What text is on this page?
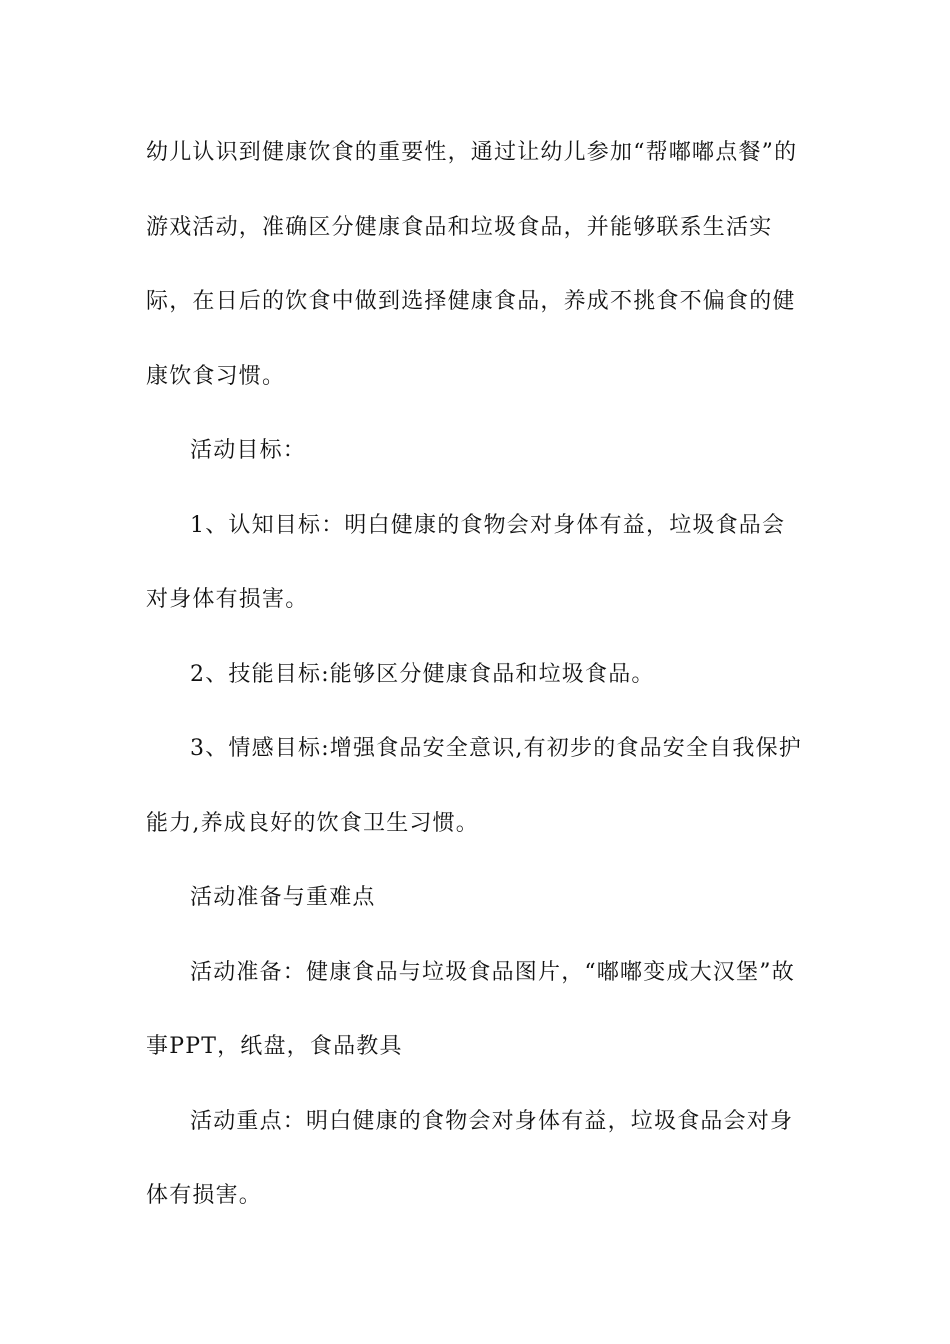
幼儿认识到健康饮食的重要性，通过让幼儿参加“帮嘟嘟点餐”的游戏活动，准确区分健康食品和垃圾食品，并能够联系生活实际，在日后的饮食中做到选择健康食品，养成不挑食不偏食的健康饮食习惯。

活动目标：

1、认知目标：明白健康的食物会对身体有益，垃圾食品会对身体有损害。

2、技能目标:能够区分健康食品和垃圾食品。

3、情感目标:增强食品安全意识,有初步的食品安全自我保护能力,养成良好的饮食卫生习惯。

活动准备与重难点

活动准备：健康食品与垃圾食品图片，“嘟嘟变成大汉堡”故事PPT，纸盘，食品教具

活动重点：明白健康的食物会对身体有益，垃圾食品会对身体有损害。
